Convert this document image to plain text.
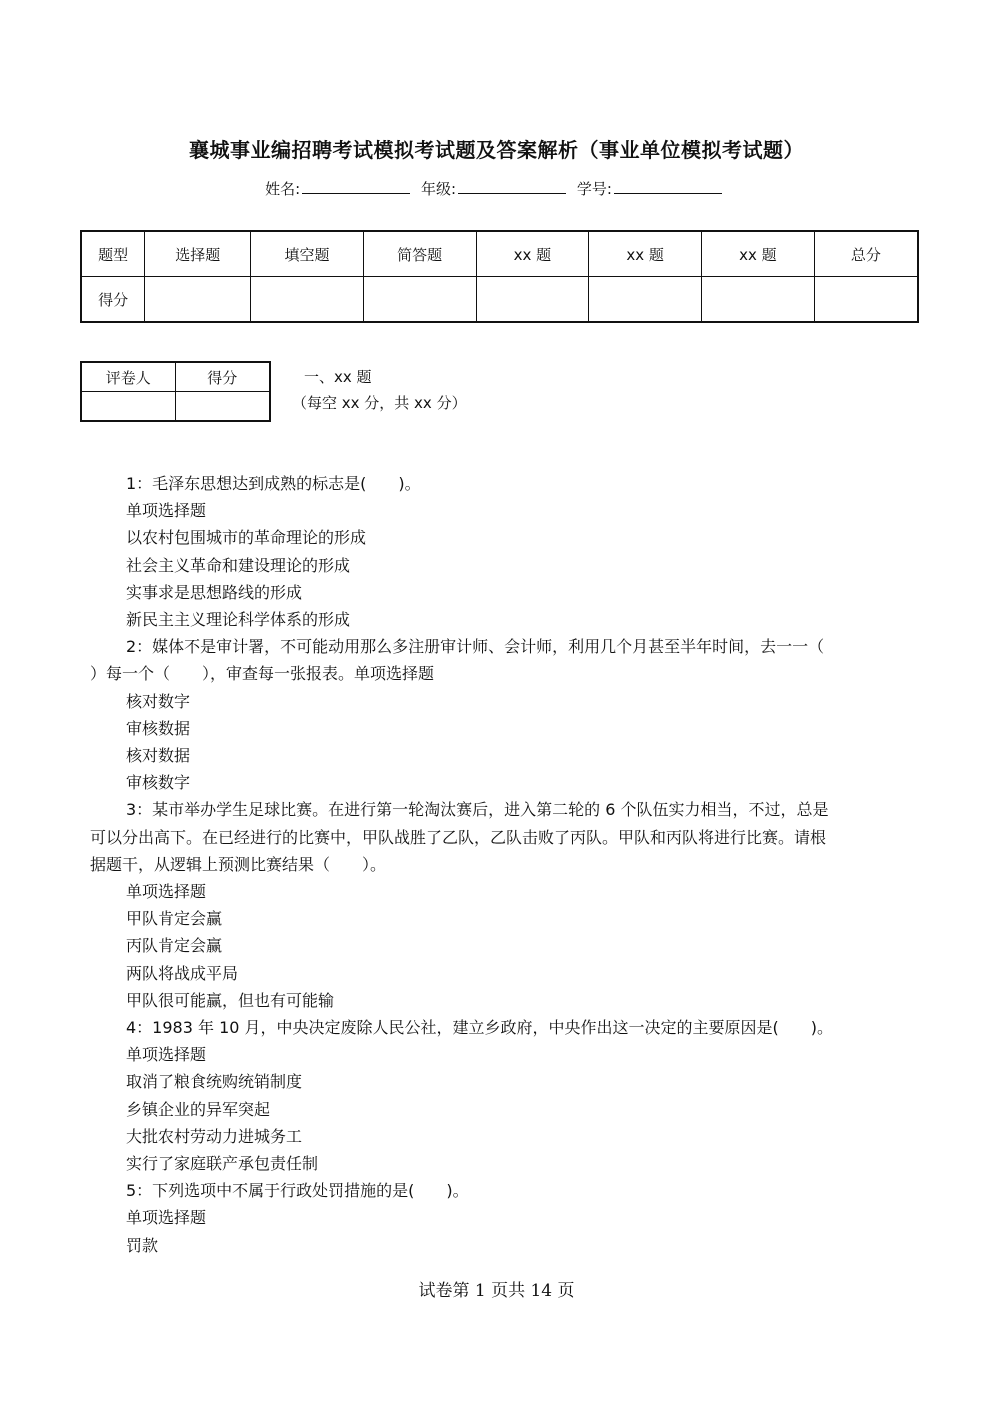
襄城事业编招聘考试模拟考试题及答案解析（事业单位模拟考试题）
姓名:	年级:	学号:
题型	选择题	填空题	简答题	xx 题	xx 题	xx 题	总分
得分							
评卷人	得分
		一、xx 题
（每空 xx 分，共 xx 分）

1：毛泽东思想达到成熟的标志是(　　)。

单项选择题

以农村包围城市的革命理论的形成

社会主义革命和建设理论的形成

实事求是思想路线的形成

新民主主义理论科学体系的形成

2：媒体不是审计署，不可能动用那么多注册审计师、会计师，利用几个月甚至半年时间，去一一（

）每一个（　　），审查每一张报表。单项选择题

核对数字

审核数据

核对数据

审核数字

3：某市举办学生足球比赛。在进行第一轮淘汰赛后，进入第二轮的 6 个队伍实力相当，不过，总是

可以分出高下。在已经进行的比赛中，甲队战胜了乙队，乙队击败了丙队。甲队和丙队将进行比赛。请根

据题干，从逻辑上预测比赛结果（　　）。

单项选择题

甲队肯定会赢

丙队肯定会赢

两队将战成平局

甲队很可能赢，但也有可能输

4：1983 年 10 月，中央决定废除人民公社，建立乡政府，中央作出这一决定的主要原因是(　　)。

单项选择题

取消了粮食统购统销制度

乡镇企业的异军突起

大批农村劳动力进城务工

实行了家庭联产承包责任制

5：下列选项中不属于行政处罚措施的是(　　)。

单项选择题

罚款

试卷第 1 页共 14 页
